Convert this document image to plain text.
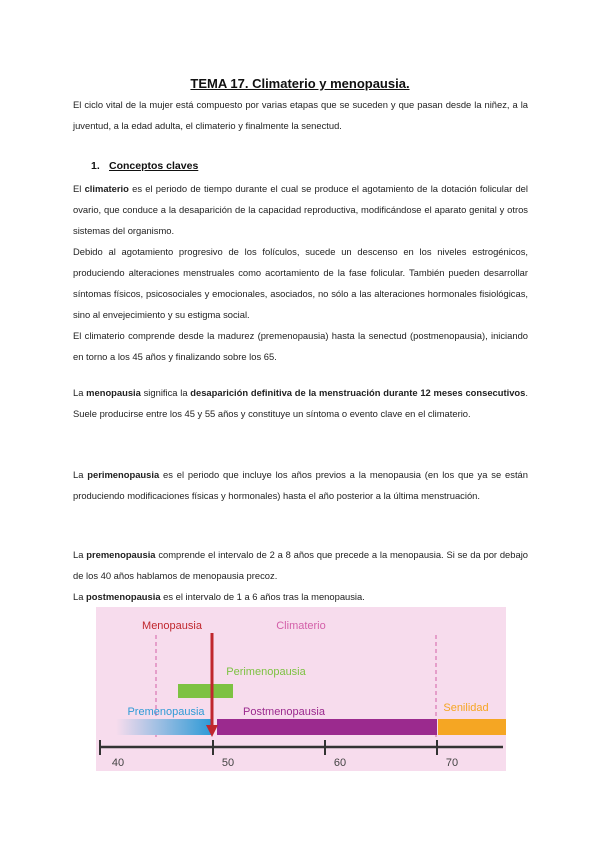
TEMA 17. Climaterio y menopausia.
El ciclo vital de la mujer está compuesto por varias etapas que se suceden y que pasan desde la niñez, a la juventud, a la edad adulta, el climaterio y finalmente la senectud.
1. Conceptos claves
El climaterio es el periodo de tiempo durante el cual se produce el agotamiento de la dotación folicular del ovario, que conduce a la desaparición de la capacidad reproductiva, modificándose el aparato genital y otros sistemas del organismo.
Debido al agotamiento progresivo de los folículos, sucede un descenso en los niveles estrogénicos, produciendo alteraciones menstruales como acortamiento de la fase folicular. También pueden desarrollar síntomas físicos, psicosociales y emocionales, asociados, no sólo a las alteraciones hormonales fisiológicas, sino al envejecimiento y su estigma social.
El climaterio comprende desde la madurez (premenopausia) hasta la senectud (postmenopausia), iniciando en torno a los 45 años y finalizando sobre los 65.
La menopausia significa la desaparición definitiva de la menstruación durante 12 meses consecutivos. Suele producirse entre los 45 y 55 años y constituye un síntoma o evento clave en el climaterio.
La perimenopausia es el periodo que incluye los años previos a la menopausia (en los que ya se están produciendo modificaciones físicas y hormonales) hasta el año posterior a la última menstruación.
La premenopausia comprende el intervalo de 2 a 8 años que precede a la menopausia. Si se da por debajo de los 40 años hablamos de menopausia precoz.
La postmenopausia es el intervalo de 1 a 6 años tras la menopausia.
Menopausia	Climaterio
Perimenopausia
Premenopausia	Postmenopausia	Senilidad
40	50	60	70
